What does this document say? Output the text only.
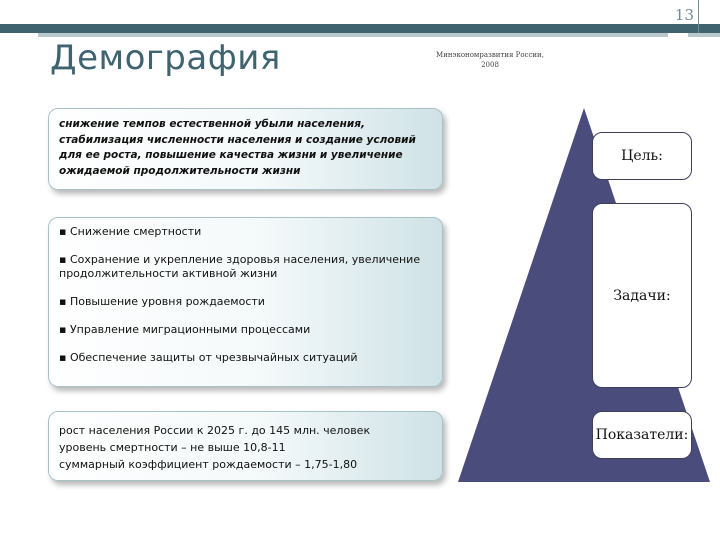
13
Демография	Минэкономразвития России, 2008
снижение темпов естественной убыли населения, стабилизация численности населения и создание условий для ее роста, повышение качества жизни и увеличение ожидаемой продолжительности жизни
▪ Снижение смертности
▪ Сохранение и укрепление здоровья населения, увеличение продолжительности активной жизни
▪ Повышение уровня рождаемости
▪ Управление миграционными процессами
▪ Обеспечение защиты от чрезвычайных ситуаций
рост населения России к 2025 г. до 145 млн. человек
уровень смертности – не выше 10,8-11
суммарный коэффициент рождаемости – 1,75-1,80
Цель:
Задачи:
Показатели:
